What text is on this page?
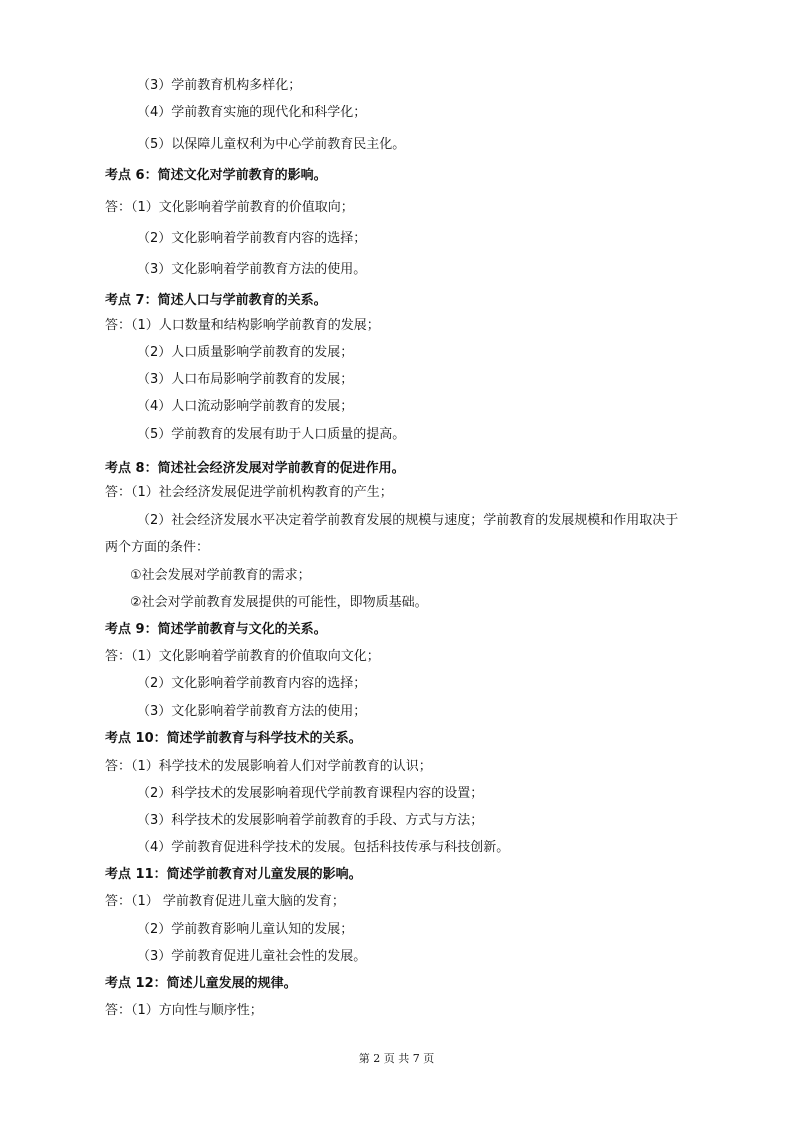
（3）学前教育机构多样化；
（4）学前教育实施的现代化和科学化；
（5）以保障儿童权利为中心学前教育民主化。
考点 6：简述文化对学前教育的影响。
答：（1）文化影响着学前教育的价值取向；
（2）文化影响着学前教育内容的选择；
（3）文化影响着学前教育方法的使用。
考点 7：简述人口与学前教育的关系。
答：（1）人口数量和结构影响学前教育的发展；
（2）人口质量影响学前教育的发展；
（3）人口布局影响学前教育的发展；
（4）人口流动影响学前教育的发展；
（5）学前教育的发展有助于人口质量的提高。
考点 8：简述社会经济发展对学前教育的促进作用。
答：（1）社会经济发展促进学前机构教育的产生；
（2）社会经济发展水平决定着学前教育发展的规模与速度；学前教育的发展规模和作用取决于
两个方面的条件：
①社会发展对学前教育的需求；
②社会对学前教育发展提供的可能性，即物质基础。
考点 9：简述学前教育与文化的关系。
答：（1）文化影响着学前教育的价值取向文化；
（2）文化影响着学前教育内容的选择；
（3）文化影响着学前教育方法的使用；
考点 10：简述学前教育与科学技术的关系。
答：（1）科学技术的发展影响着人们对学前教育的认识；
（2）科学技术的发展影响着现代学前教育课程内容的设置；
（3）科学技术的发展影响着学前教育的手段、方式与方法；
（4）学前教育促进科学技术的发展。包括科技传承与科技创新。
考点 11：简述学前教育对儿童发展的影响。
答：（1） 学前教育促进儿童大脑的发育；
（2）学前教育影响儿童认知的发展；
（3）学前教育促进儿童社会性的发展。
考点 12：简述儿童发展的规律。
答：（1）方向性与顺序性；
第 2 页 共 7 页
